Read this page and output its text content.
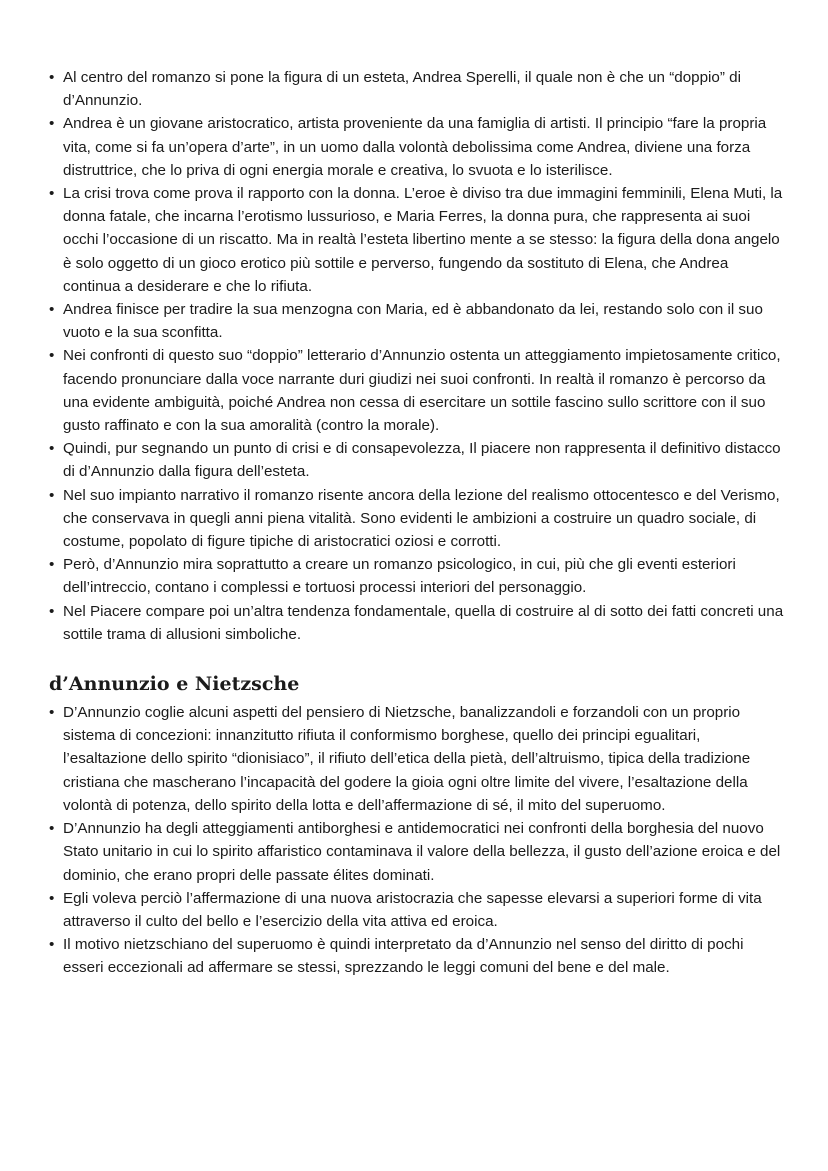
• Al centro del romanzo si pone la figura di un esteta, Andrea Sperelli, il quale non è che un “doppio” di d’Annunzio.
• Andrea è un giovane aristocratico, artista proveniente da una famiglia di artisti. Il principio “fare la propria vita, come si fa un’opera d’arte”, in un uomo dalla volontà debolissima come Andrea, diviene una forza distruttrice, che lo priva di ogni energia morale e creativa, lo svuota e lo isterilisce.
• La crisi trova come prova il rapporto con la donna. L’eroe è diviso tra due immagini femminili, Elena Muti, la donna fatale, che incarna l’erotismo lussurioso, e Maria Ferres, la donna pura, che rappresenta ai suoi occhi l’occasione di un riscatto. Ma in realtà l’esteta libertino mente a se stesso: la figura della dona angelo è solo oggetto di un gioco erotico più sottile e perverso, fungendo da sostituto di Elena, che Andrea continua a desiderare e che lo rifiuta.
• Andrea finisce per tradire la sua menzogna con Maria, ed è abbandonato da lei, restando solo con il suo vuoto e la sua sconfitta.
• Nei confronti di questo suo “doppio” letterario d’Annunzio ostenta un atteggiamento impietosamente critico, facendo pronunciare dalla voce narrante duri giudizi nei suoi confronti. In realtà il romanzo è percorso da una evidente ambiguità, poiché Andrea non cessa di esercitare un sottile fascino sullo scrittore con il suo gusto raffinato e con la sua amoralità (contro la morale).
• Quindi, pur segnando un punto di crisi e di consapevolezza, Il piacere non rappresenta il definitivo distacco di d’Annunzio dalla figura dell’esteta.
• Nel suo impianto narrativo il romanzo risente ancora della lezione del realismo ottocentesco e del Verismo, che conservava in quegli anni piena vitalità. Sono evidenti le ambizioni a costruire un quadro sociale, di costume, popolato di figure tipiche di aristocratici oziosi e corrotti.
• Però, d’Annunzio mira soprattutto a creare un romanzo psicologico, in cui, più che gli eventi esteriori dell’intreccio, contano i complessi e tortuosi processi interiori del personaggio.
• Nel Piacere compare poi un’altra tendenza fondamentale, quella di costruire al di sotto dei fatti concreti una sottile trama di allusioni simboliche.
d’Annunzio e Nietzsche
• D’Annunzio coglie alcuni aspetti del pensiero di Nietzsche, banalizzandoli e forzandoli con un proprio sistema di concezioni: innanzitutto rifiuta il conformismo borghese, quello dei principi egualitari, l’esaltazione dello spirito “dionisiaco”, il rifiuto dell’etica della pietà, dell’altruismo, tipica della tradizione cristiana che mascherano l’incapacità del godere la gioia ogni oltre limite del vivere, l’esaltazione della volontà di potenza, dello spirito della lotta e dell’affermazione di sé, il mito del superuomo.
• D’Annunzio ha degli atteggiamenti antiborghesi e antidemocratici nei confronti della borghesia del nuovo Stato unitario in cui lo spirito affaristico contaminava il valore della bellezza, il gusto dell’azione eroica e del dominio, che erano propri delle passate élites dominati.
• Egli voleva perciò l’affermazione di una nuova aristocrazia che sapesse elevarsi a superiori forme di vita attraverso il culto del bello e l’esercizio della vita attiva ed eroica.
• Il motivo nietzschiano del superuomo è quindi interpretato da d’Annunzio nel senso del diritto di pochi esseri eccezionali ad affermare se stessi, sprezzando le leggi comuni del bene e del male.
